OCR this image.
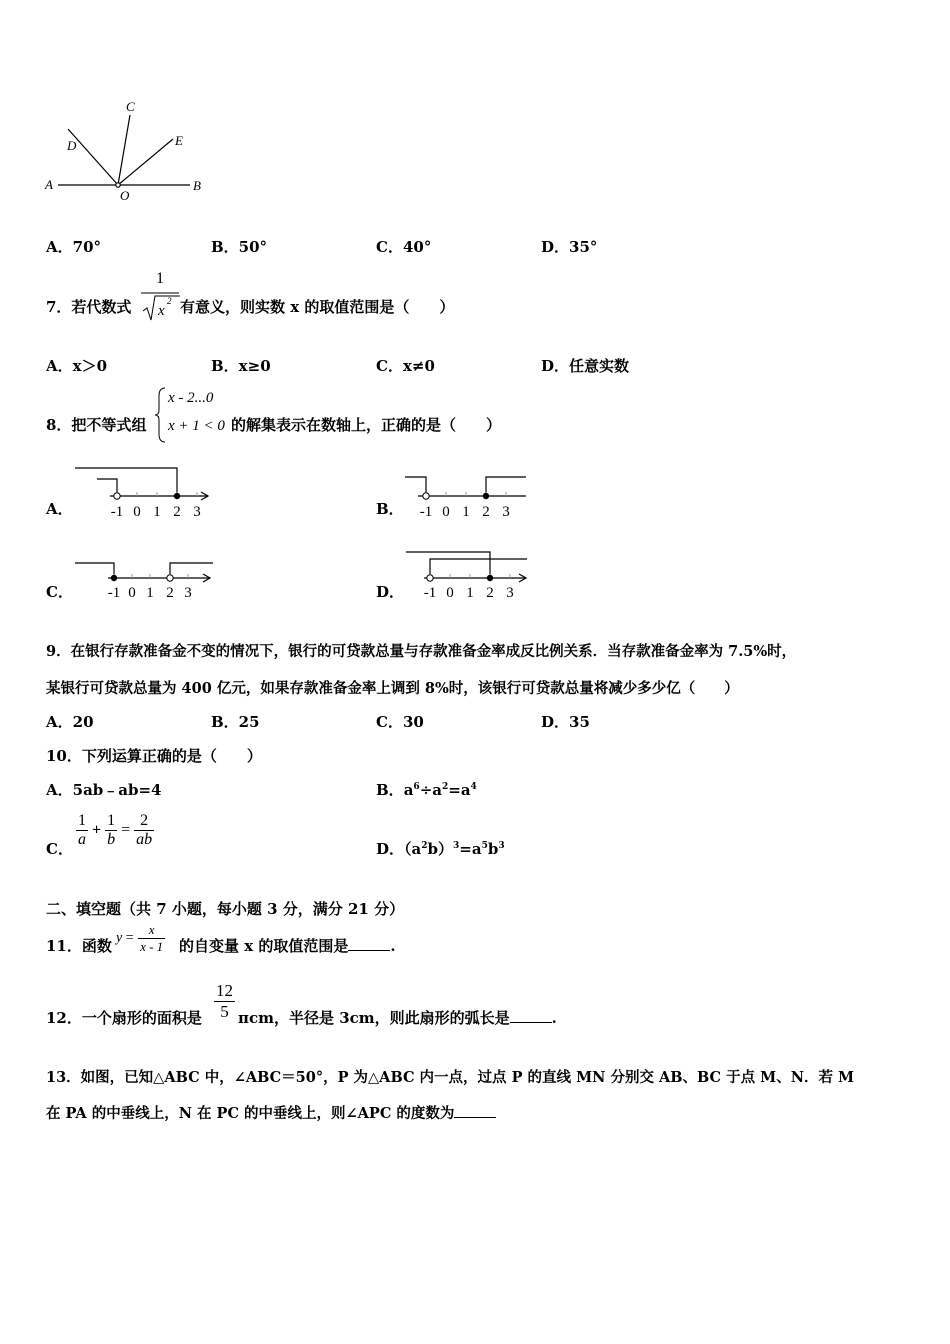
A	B
C
D	E
O
A．70°	B．50°	C．40°	D．35°
7．若代数式
1
x
2 有意义，则实数 x 的取值范围是（　　）
A．x＞0	B．x≥0	C．x≠0	D．任意实数
8．把不等式组
x - 2...0
x + 1 < 0 的解集表示在数轴上，正确的是（　　）
A．	-1 0 1 2 3	B． -1 0 1 2 3
C． -1 0 1 2 3	D． -1 0 1 2 3
9．在银行存款准备金不变的情况下，银行的可贷款总量与存款准备金率成反比例关系．当存款准备金率为 7.5%时，
某银行可贷款总量为 400 亿元，如果存款准备金率上调到 8%时，该银行可贷款总量将减少多少亿（　　）
A．20	B．25	C．30	D．35
10．下列运算正确的是（　　）
A．5ab﹣ab=4	B．$a^6\div a^2=a^4$
C． $\frac{1}{a} + \frac{1}{b} = \frac{2}{ab}$	D．$(a^2b)^3=a^5b^3$
二、填空题（共 7 小题，每小题 3 分，满分 21 分）
11．函数 $y = \frac{x}{x - 1}$ 的自变量 x 的取值范围是	.
12．一个扇形的面积是 $\frac{12}{5}$ πcm，半径是 3cm，则此扇形的弧长是	.
13．如图，已知△ABC 中，∠ABC＝50°，P 为△ABC 内一点，过点 P 的直线 MN 分别交 AB、BC 于点 M、N．若 M
在 PA 的中垂线上，N 在 PC 的中垂线上，则∠APC 的度数为
